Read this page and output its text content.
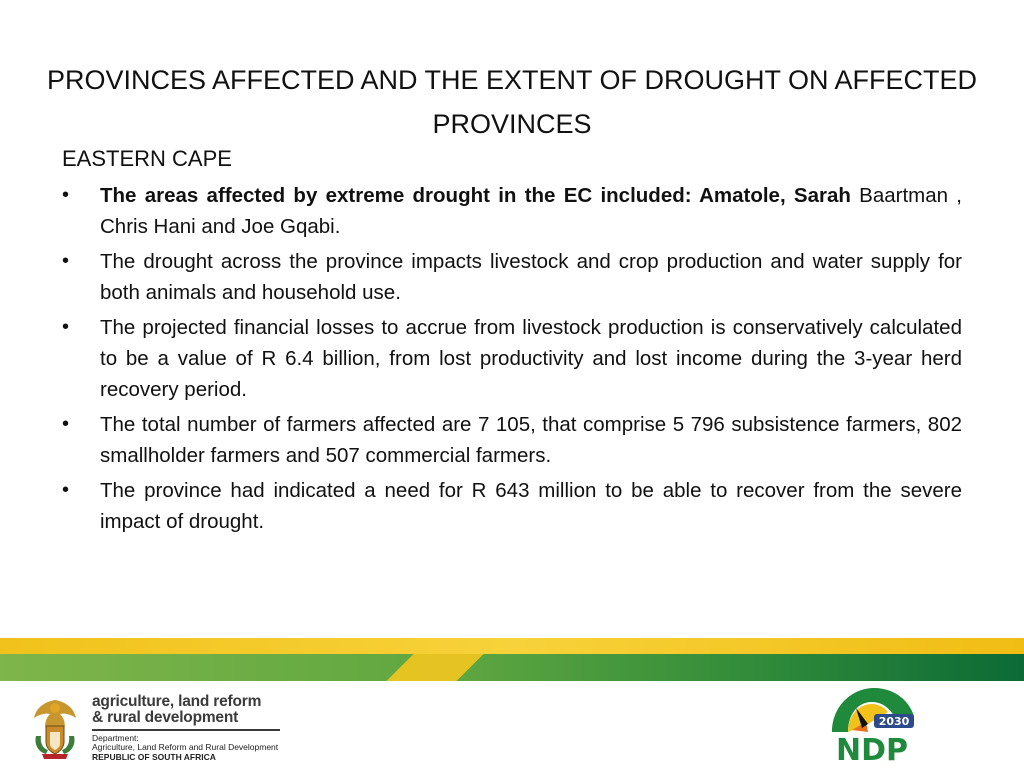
PROVINCES AFFECTED AND THE EXTENT OF DROUGHT ON AFFECTED PROVINCES
EASTERN CAPE
• The areas affected by extreme drought in the EC included: Amatole, Sarah Baartman , Chris Hani and Joe Gqabi.
• The drought across the province impacts livestock and crop production and water supply for both animals and household use.
• The projected financial losses to accrue from livestock production is conservatively calculated to be a value of R 6.4 billion, from lost productivity and lost income during the 3-year herd recovery period.
• The total number of farmers affected are 7 105, that comprise 5 796 subsistence farmers, 802 smallholder farmers and 507 commercial farmers.
• The province had indicated a need for R 643 million to be able to recover from the severe impact of drought.
agriculture, land reform
& rural development
Department:
Agriculture, Land Reform and Rural Development
REPUBLIC OF SOUTH AFRICA
2030
NDP
